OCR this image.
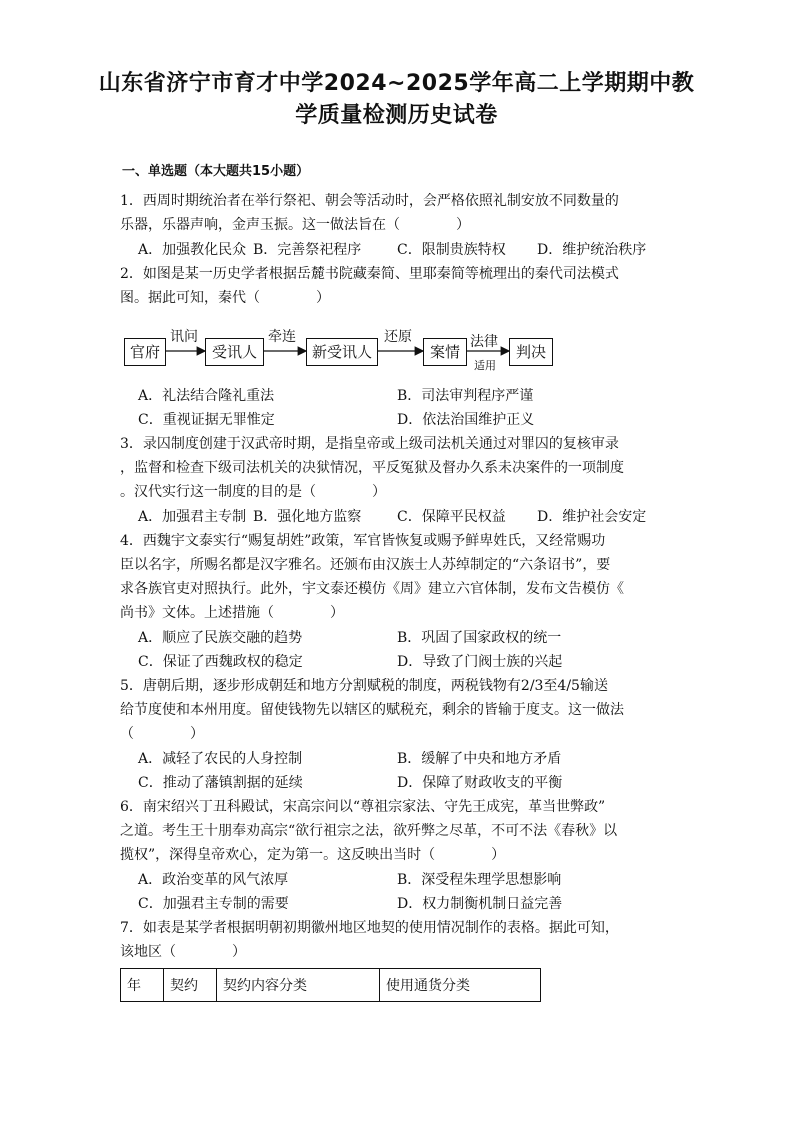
山东省济宁市育才中学2024~2025学年高二上学期期中教
学质量检测历史试卷
一、单选题（本大题共15小题）
1．西周时期统治者在举行祭祀、朝会等活动时，会严格依照礼制安放不同数量的
乐器，乐器声响，金声玉振。这一做法旨在（　　　　）
A．加强教化民众 B．完善祭祀程序	C．限制贵族特权 D．维护统治秩序
2．如图是某一历史学者根据岳麓书院藏秦简、里耶秦简等梳理出的秦代司法模式
图。据此可知，秦代（　　　　）
官府	受讯人	新受讯人	案情	判决
讯问	牵连	还原	法律
适用
A．礼法结合隆礼重法	B．司法审判程序严谨
C．重视证据无罪惟定	D．依法治国维护正义
3．录囚制度创建于汉武帝时期，是指皇帝或上级司法机关通过对罪囚的复核审录
，监督和检查下级司法机关的决狱情况，平反冤狱及督办久系未决案件的一项制度
。汉代实行这一制度的目的是（　　　　）
A．加强君主专制 B．强化地方监察	C．保障平民权益 D．维护社会安定
4．西魏宇文泰实行“赐复胡姓”政策，军官皆恢复或赐予鲜卑姓氏，又经常赐功
臣以名字，所赐名都是汉字雅名。还颁布由汉族士人苏绰制定的“六条诏书”，要
求各族官吏对照执行。此外，宇文泰还模仿《周》建立六官体制，发布文告模仿《
尚书》文体。上述措施（　　　　）
A．顺应了民族交融的趋势	B．巩固了国家政权的统一
C．保证了西魏政权的稳定	D．导致了门阀士族的兴起
5．唐朝后期，逐步形成朝廷和地方分割赋税的制度，两税钱物有2/3至4/5输送
给节度使和本州用度。留使钱物先以辖区的赋税充，剩余的皆输于度支。这一做法
（　　　　）
A．减轻了农民的人身控制	B．缓解了中央和地方矛盾
C．推动了藩镇割据的延续	D．保障了财政收支的平衡
6．南宋绍兴丁丑科殿试，宋高宗问以“尊祖宗家法、守先王成宪，革当世弊政”
之道。考生王十朋奉劝高宗“欲行祖宗之法，欲歼弊之尽革，不可不法《春秋》以
揽权”，深得皇帝欢心，定为第一。这反映出当时（　　　　）
A．政治变革的风气浓厚	B．深受程朱理学思想影响
C．加强君主专制的需要	D．权力制衡机制日益完善
7．如表是某学者根据明朝初期徽州地区地契的使用情况制作的表格。据此可知，
该地区（　　　　）
年	契约	契约内容分类	使用通货分类
